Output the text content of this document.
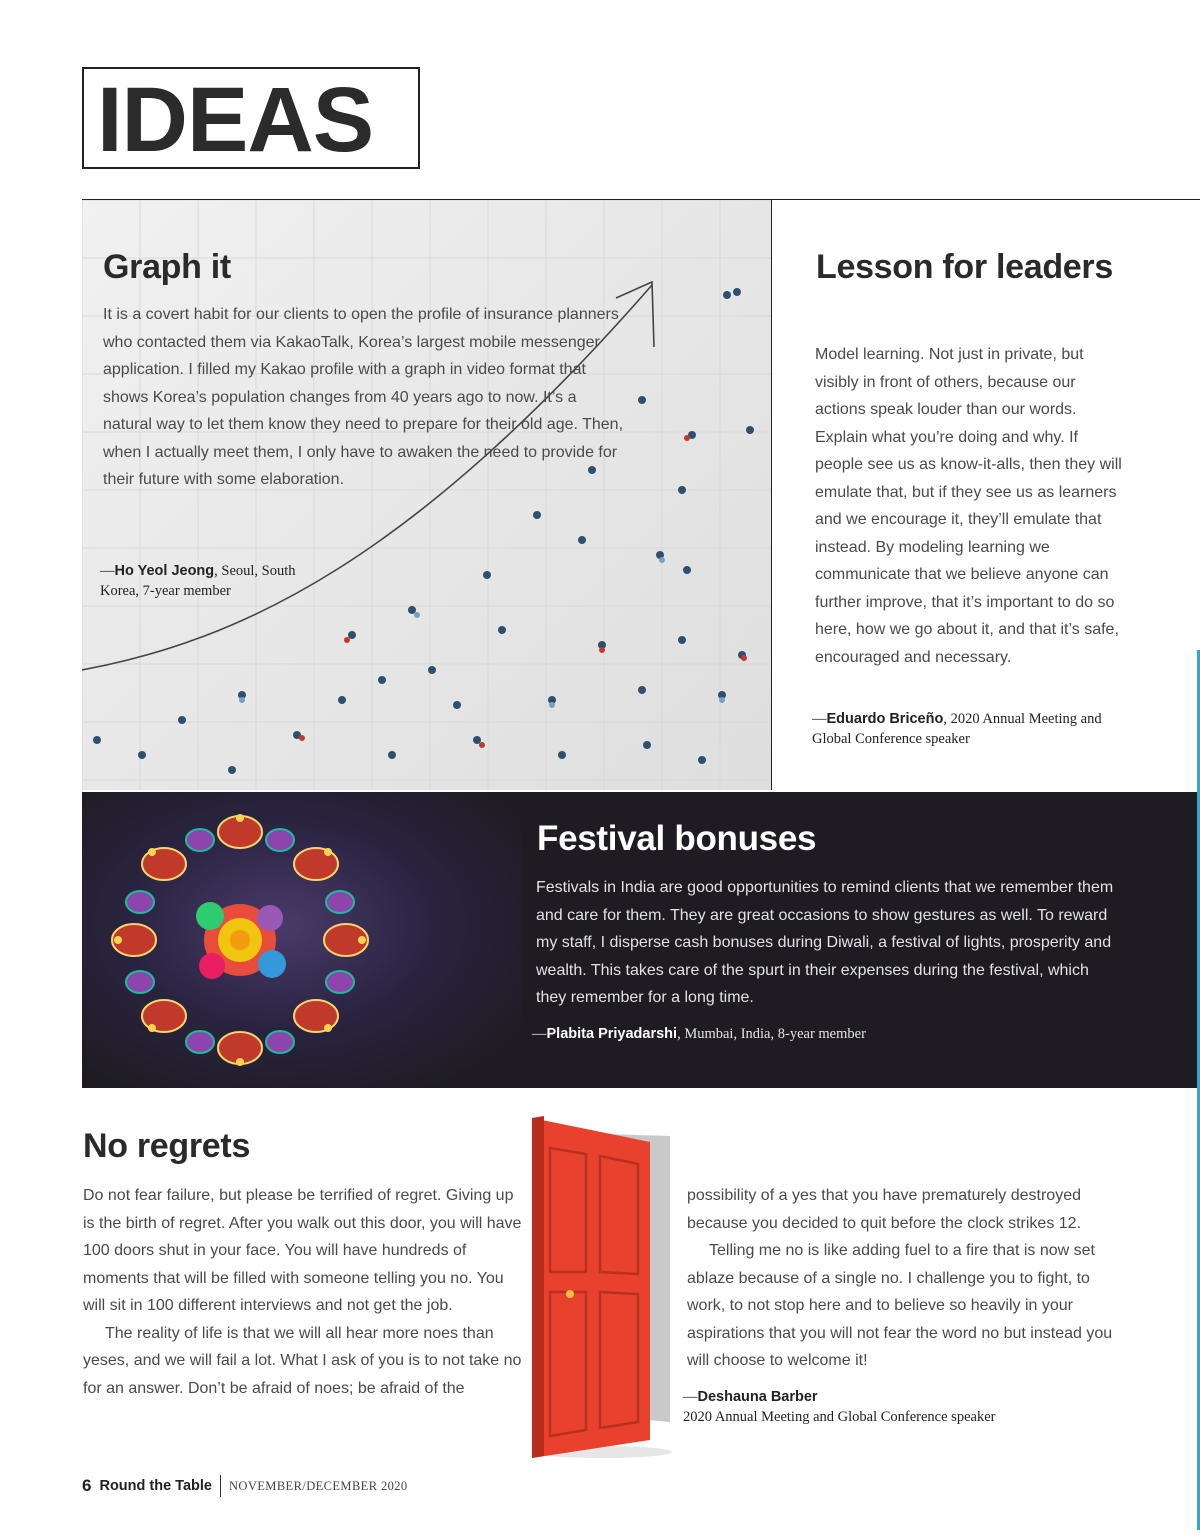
IDEAS
Graph it

It is a covert habit for our clients to open the profile of insurance planners who contacted them via KakaoTalk, Korea’s largest mobile messenger application. I filled my Kakao profile with a graph in video format that shows Korea’s population changes from 40 years ago to now. It’s a natural way to let them know they need to prepare for their old age. Then, when I actually meet them, I only have to awaken the need to provide for their future with some elaboration.

—Ho Yeol Jeong, Seoul, South Korea, 7-year member
Lesson for leaders

Model learning. Not just in private, but visibly in front of others, because our actions speak louder than our words. Explain what you’re doing and why. If people see us as know-it-alls, then they will emulate that, but if they see us as learners and we encourage it, they’ll emulate that instead. By modeling learning we communicate that we believe anyone can further improve, that it’s important to do so here, how we go about it, and that it’s safe, encouraged and necessary.

—Eduardo Briceño, 2020 Annual Meeting and Global Conference speaker
Festival bonuses

Festivals in India are good opportunities to remind clients that we remember them and care for them. They are great occasions to show gestures as well. To reward my staff, I disperse cash bonuses during Diwali, a festival of lights, prosperity and wealth. This takes care of the spurt in their expenses during the festival, which they remember for a long time.

—Plabita Priyadarshi, Mumbai, India, 8-year member
No regrets

Do not fear failure, but please be terrified of regret. Giving up is the birth of regret. After you walk out this door, you will have 100 doors shut in your face. You will have hundreds of moments that will be filled with someone telling you no. You will sit in 100 different interviews and not get the job.

The reality of life is that we will all hear more noes than yeses, and we will fail a lot. What I ask of you is to not take no for an answer. Don’t be afraid of noes; be afraid of the

possibility of a yes that you have prematurely destroyed because you decided to quit before the clock strikes 12.

Telling me no is like adding fuel to a fire that is now set ablaze because of a single no. I challenge you to fight, to work, to not stop here and to believe so heavily in your aspirations that you will not fear the word no but instead you will choose to welcome it!

—Deshauna Barber
2020 Annual Meeting and Global Conference speaker
6 Round the Table NOVEMBER/DECEMBER 2020
